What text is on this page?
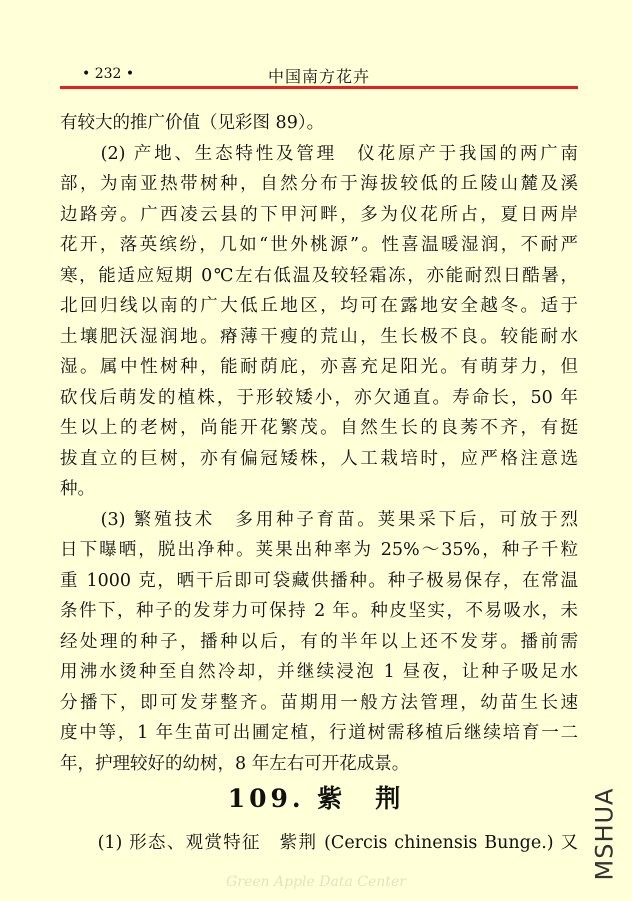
• 232 •	中国南方花卉
有较大的推广价值（见彩图 89）。
　　(2) 产地、生态特性及管理　仪花原产于我国的两广南
部，为南亚热带树种，自然分布于海拔较低的丘陵山麓及溪
边路旁。广西凌云县的下甲河畔，多为仪花所占，夏日两岸
花开，落英缤纷，几如“世外桃源”。性喜温暖湿润，不耐严
寒，能适应短期 0℃左右低温及较轻霜冻，亦能耐烈日酷暑，
北回归线以南的广大低丘地区，均可在露地安全越冬。适于
土壤肥沃湿润地。瘠薄干瘦的荒山，生长极不良。较能耐水
湿。属中性树种，能耐荫庇，亦喜充足阳光。有萌芽力，但
砍伐后萌发的植株，于形较矮小，亦欠通直。寿命长，50 年
生以上的老树，尚能开花繁茂。自然生长的良莠不齐，有挺
拔直立的巨树，亦有偏冠矮株，人工栽培时，应严格注意选
种。
　　(3) 繁殖技术　多用种子育苗。荚果采下后，可放于烈
日下曝晒，脱出净种。荚果出种率为 25%～35%，种子千粒
重 1000 克，晒干后即可袋藏供播种。种子极易保存，在常温
条件下，种子的发芽力可保持 2 年。种皮坚实，不易吸水，未
经处理的种子，播种以后，有的半年以上还不发芽。播前需
用沸水烫种至自然冷却，并继续浸泡 1 昼夜，让种子吸足水
分播下，即可发芽整齐。苗期用一般方法管理，幼苗生长速
度中等，1 年生苗可出圃定植，行道树需移植后继续培育一二
年，护理较好的幼树，8 年左右可开花成景。
109. 紫　荆
　　(1) 形态、观赏特征　紫荆 (Cercis chinensis Bunge.) 又 MSHUA
Green Apple Data Center
